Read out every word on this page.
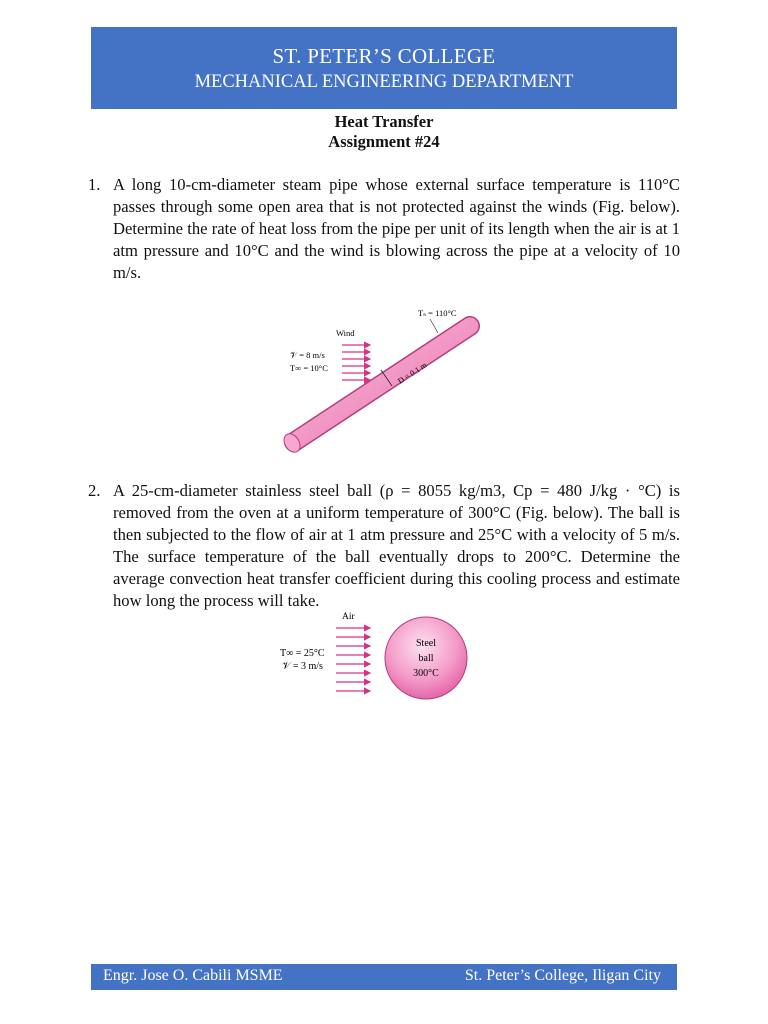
ST. PETER’S COLLEGE
MECHANICAL ENGINEERING DEPARTMENT
Heat Transfer
Assignment #24
1. A long 10-cm-diameter steam pipe whose external surface temperature is 110°C passes through some open area that is not protected against the winds (Fig. below). Determine the rate of heat loss from the pipe per unit of its length when the air is at 1 atm pressure and 10°C and the wind is blowing across the pipe at a velocity of 10 m/s.
Wind
Tₛ = 110°C
𝒱 = 8 m/s
T∞ = 10°C	D = 0.1 m
2. A 25-cm-diameter stainless steel ball (ρ = 8055 kg/m3, Cp = 480 J/kg · °C) is removed from the oven at a uniform temperature of 300°C (Fig. below). The ball is then subjected to the flow of air at 1 atm pressure and 25°C with a velocity of 5 m/s. The surface temperature of the ball eventually drops to 200°C. Determine the average convection heat transfer coefficient during this cooling process and estimate how long the process will take.
Air
T∞ = 25°C
𝒱 = 3 m/s
Steel
ball
300°C
Engr. Jose O. Cabili MSME	St. Peter’s College, Iligan City
